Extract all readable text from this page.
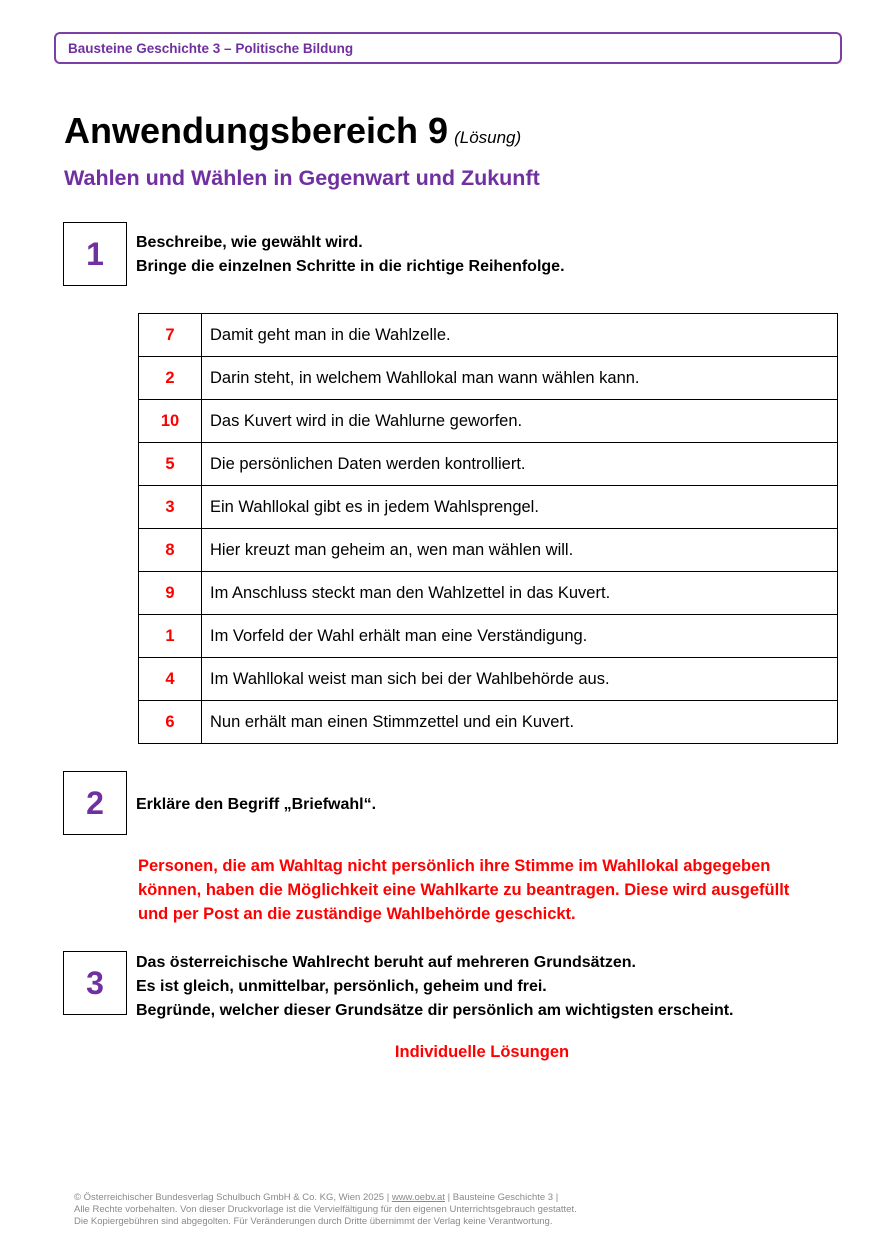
Bausteine Geschichte 3 – Politische Bildung
Anwendungsbereich 9 (Lösung)
Wahlen und Wählen in Gegenwart und Zukunft
1	Beschreibe, wie gewählt wird.
Bringe die einzelnen Schritte in die richtige Reihenfolge.
7	Damit geht man in die Wahlzelle.
2	Darin steht, in welchem Wahllokal man wann wählen kann.
10	Das Kuvert wird in die Wahlurne geworfen.
5	Die persönlichen Daten werden kontrolliert.
3	Ein Wahllokal gibt es in jedem Wahlsprengel.
8	Hier kreuzt man geheim an, wen man wählen will.
9	Im Anschluss steckt man den Wahlzettel in das Kuvert.
1	Im Vorfeld der Wahl erhält man eine Verständigung.
4	Im Wahllokal weist man sich bei der Wahlbehörde aus.
6	Nun erhält man einen Stimmzettel und ein Kuvert.
2	Erkläre den Begriff „Briefwahl“.
Personen, die am Wahltag nicht persönlich ihre Stimme im Wahllokal abgegeben
können, haben die Möglichkeit eine Wahlkarte zu beantragen. Diese wird ausgefüllt
und per Post an die zuständige Wahlbehörde geschickt.
3
Das österreichische Wahlrecht beruht auf mehreren Grundsätzen.
Es ist gleich, unmittelbar, persönlich, geheim und frei.
Begründe, welcher dieser Grundsätze dir persönlich am wichtigsten erscheint.
Individuelle Lösungen
© Österreichischer Bundesverlag Schulbuch GmbH & Co. KG, Wien 2025 | www.oebv.at | Bausteine Geschichte 3 |
Alle Rechte vorbehalten. Von dieser Druckvorlage ist die Vervielfältigung für den eigenen Unterrichtsgebrauch gestattet.
Die Kopiergebühren sind abgegolten. Für Veränderungen durch Dritte übernimmt der Verlag keine Verantwortung.
